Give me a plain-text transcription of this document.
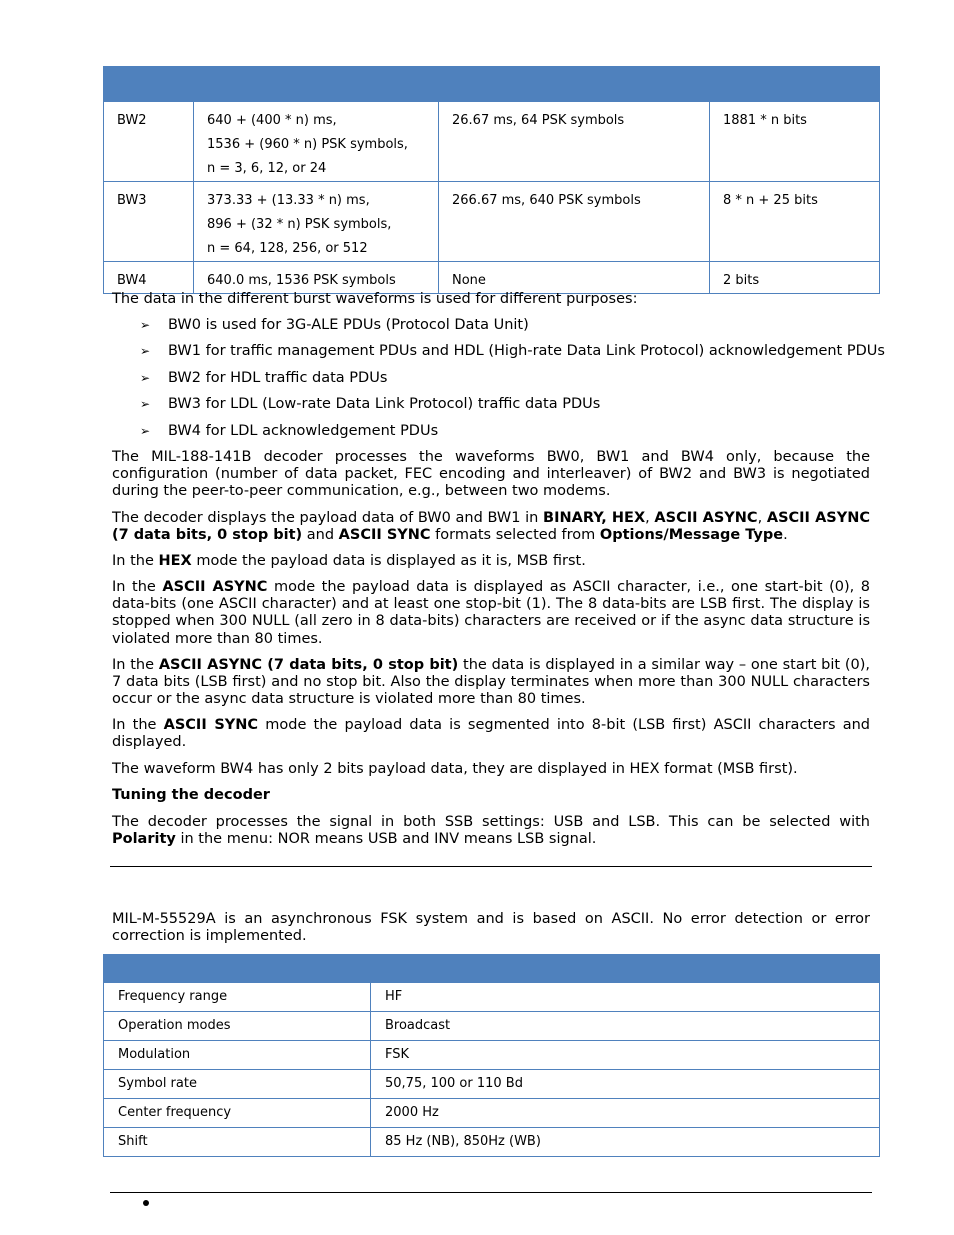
BW2	640 + (400 * n) ms,
1536 + (960 * n) PSK symbols,
n = 3, 6, 12, or 24	26.67 ms, 64 PSK symbols	1881 * n bits
BW3	373.33 + (13.33 * n) ms,
896 + (32 * n) PSK symbols,
n = 64, 128, 256, or 512	266.67 ms, 640 PSK symbols	8 * n + 25 bits
BW4	640.0 ms, 1536 PSK symbols	None	2 bits

The data in the different burst waveforms is used for different purposes:

➢ BW0 is used for 3G-ALE PDUs (Protocol Data Unit)

➢ BW1 for traffic management PDUs and HDL (High-rate Data Link Protocol) acknowledgement PDUs

➢ BW2 for HDL traffic data PDUs

➢ BW3 for LDL (Low-rate Data Link Protocol) traffic data PDUs

➢ BW4 for LDL acknowledgement PDUs

The MIL-188-141B decoder processes the waveforms BW0, BW1 and BW4 only, because the configuration (number of data packet, FEC encoding and interleaver) of BW2 and BW3 is negotiated during the peer-to-peer communication, e.g., between two modems.

The decoder displays the payload data of BW0 and BW1 in BINARY, HEX, ASCII ASYNC, ASCII ASYNC (7 data bits, 0 stop bit) and ASCII SYNC formats selected from Options/Message Type.

In the HEX mode the payload data is displayed as it is, MSB first.

In the ASCII ASYNC mode the payload data is displayed as ASCII character, i.e., one start-bit (0), 8 data-bits (one ASCII character) and at least one stop-bit (1). The 8 data-bits are LSB first. The display is stopped when 300 NULL (all zero in 8 data-bits) characters are received or if the async data structure is violated more than 80 times.

In the ASCII ASYNC (7 data bits, 0 stop bit) the data is displayed in a similar way – one start bit (0), 7 data bits (LSB first) and no stop bit. Also the display terminates when more than 300 NULL characters occur or the async data structure is violated more than 80 times.

In the ASCII SYNC mode the payload data is segmented into 8-bit (LSB first) ASCII characters and displayed.

The waveform BW4 has only 2 bits payload data, they are displayed in HEX format (MSB first).

Tuning the decoder

The decoder processes the signal in both SSB settings: USB and LSB. This can be selected with Polarity in the menu: NOR means USB and INV means LSB signal.

MIL-M-55529A is an asynchronous FSK system and is based on ASCII. No error detection or error correction is implemented.

Frequency range	HF
Operation modes	Broadcast
Modulation	FSK
Symbol rate	50,75, 100 or 110 Bd
Center frequency	2000 Hz
Shift	85 Hz (NB), 850Hz (WB)
